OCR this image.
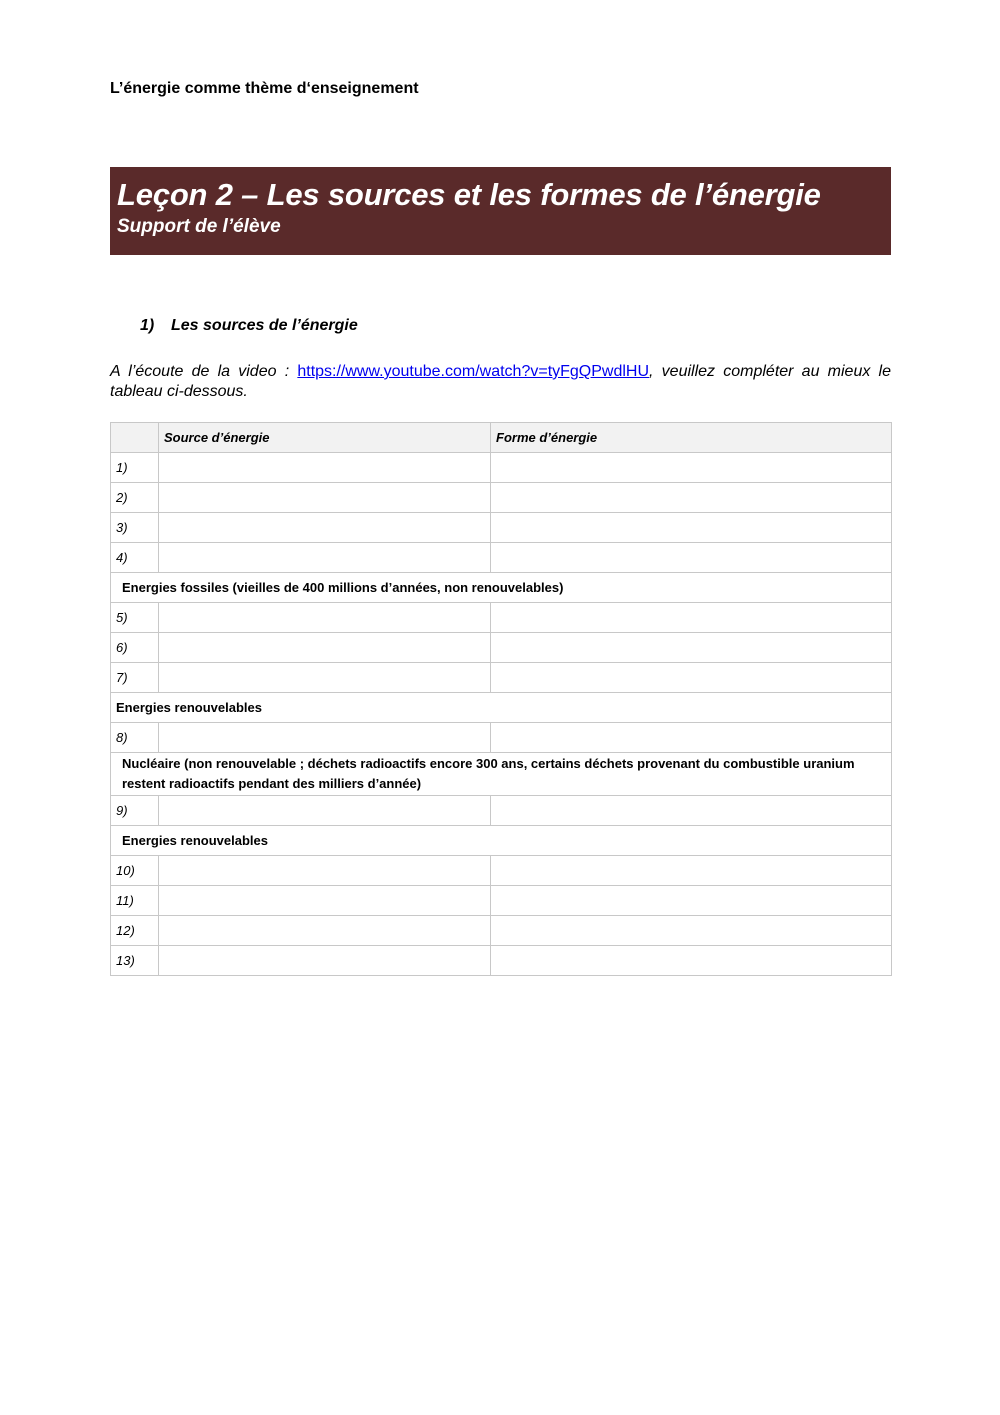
L’énergie comme thème d‘enseignement
Leçon 2 – Les sources et les formes de l’énergie
Support de l’élève
1) Les sources de l’énergie
A l’écoute de la video : https://www.youtube.com/watch?v=tyFgQPwdlHU, veuillez compléter au mieux le tableau ci-dessous.
	Source d’énergie	Forme d’énergie
1)		
2)		
3)		
4)		
Energies fossiles (vieilles de 400 millions d’années, non renouvelables)		
5)		
6)		
7)		
Energies renouvelables		
8)		
Nucléaire (non renouvelable ; déchets radioactifs encore 300 ans, certains déchets provenant du combustible uranium restent radioactifs pendant des milliers d’année)		
9)		
Energies renouvelables		
10)		
11)		
12)		
13)		
